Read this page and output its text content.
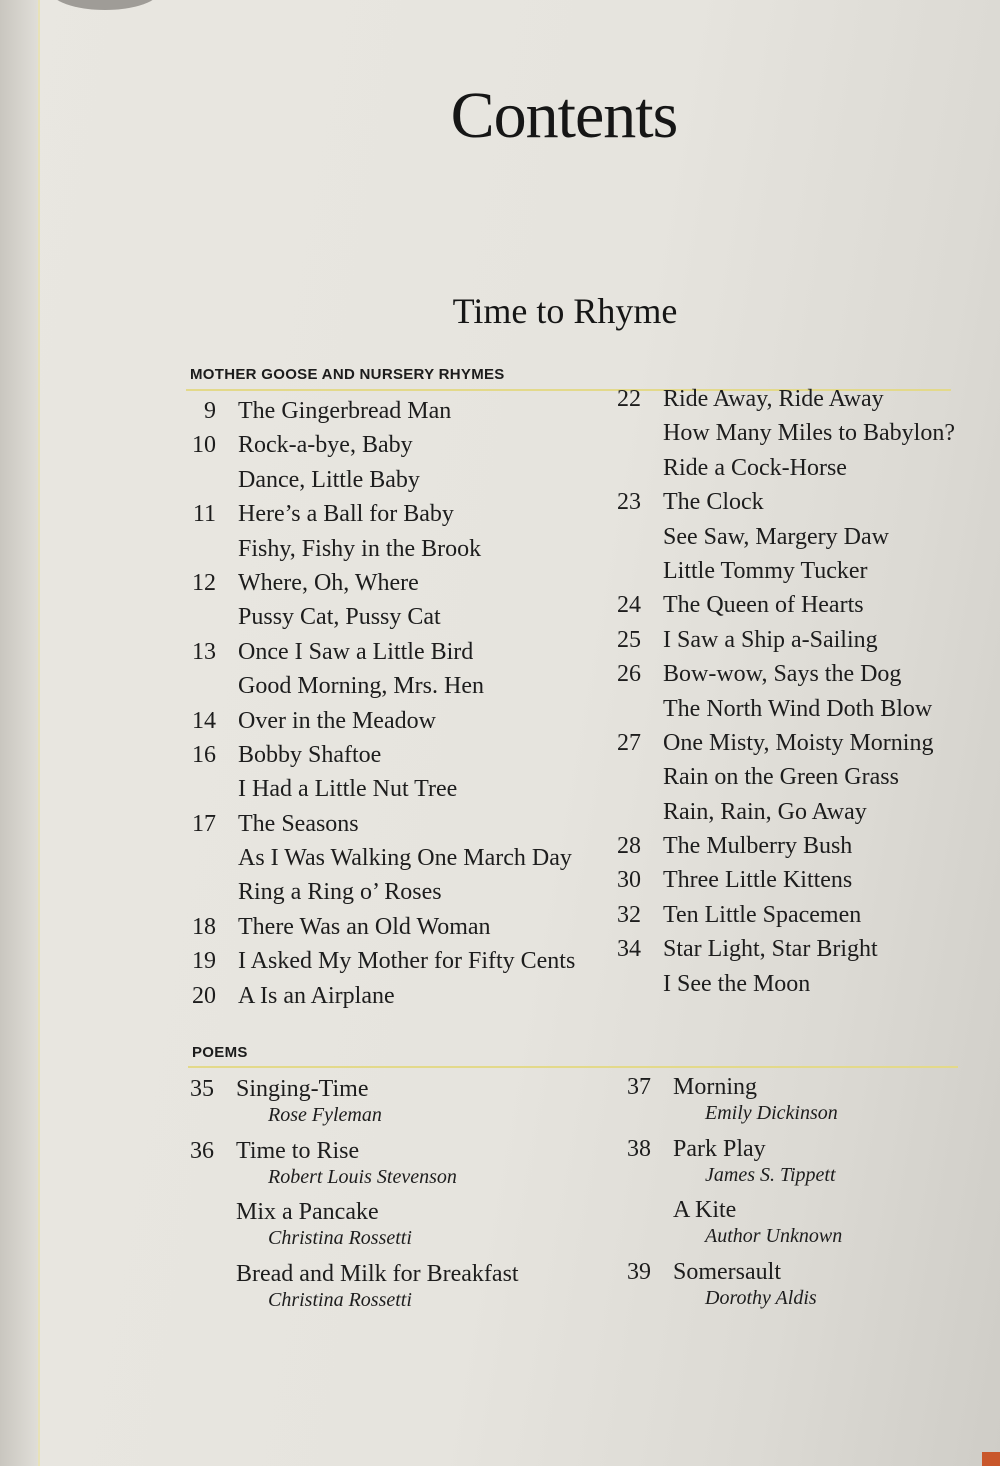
Contents
Time to Rhyme
MOTHER GOOSE AND NURSERY RHYMES
9 The Gingerbread Man
10 Rock-a-bye, Baby
Dance, Little Baby
11 Here’s a Ball for Baby
Fishy, Fishy in the Brook
12 Where, Oh, Where
Pussy Cat, Pussy Cat
13 Once I Saw a Little Bird
Good Morning, Mrs. Hen
14 Over in the Meadow
16 Bobby Shaftoe
I Had a Little Nut Tree
17 The Seasons
As I Was Walking One March Day
Ring a Ring o’ Roses
18 There Was an Old Woman
19 I Asked My Mother for Fifty Cents
20 A Is an Airplane
22 Ride Away, Ride Away
How Many Miles to Babylon?
Ride a Cock-Horse
23 The Clock
See Saw, Margery Daw
Little Tommy Tucker
24 The Queen of Hearts
25 I Saw a Ship a-Sailing
26 Bow-wow, Says the Dog
The North Wind Doth Blow
27 One Misty, Moisty Morning
Rain on the Green Grass
Rain, Rain, Go Away
28 The Mulberry Bush
30 Three Little Kittens
32 Ten Little Spacemen
34 Star Light, Star Bright
I See the Moon
POEMS
35 Singing-Time
Rose Fyleman
36 Time to Rise
Robert Louis Stevenson
Mix a Pancake
Christina Rossetti
Bread and Milk for Breakfast
Christina Rossetti
37 Morning
Emily Dickinson
38 Park Play
James S. Tippett
A Kite
Author Unknown
39 Somersault
Dorothy Aldis
